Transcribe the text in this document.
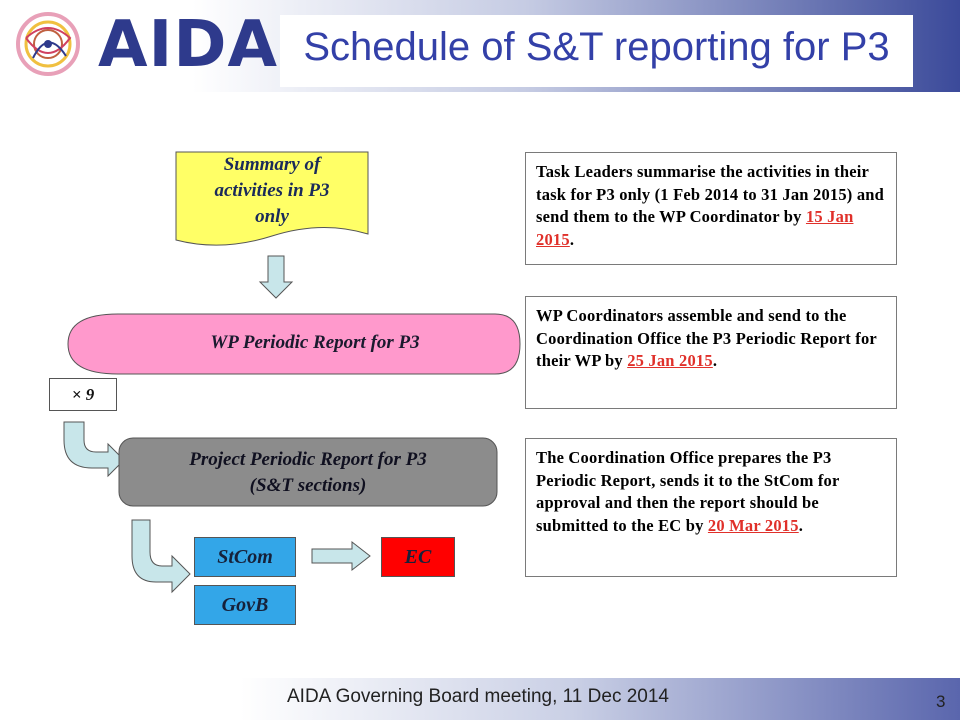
AIDA Schedule of S&T reporting for P3
Summary of
activities in P3
only
WP Periodic Report for P3
× 9
Project Periodic Report for P3
(S&T sections)
StCom
GovB
EC
Task Leaders summarise the activities in their task for P3 only (1 Feb 2014 to 31 Jan 2015) and send them to the WP Coordinator by 15 Jan 2015.
WP Coordinators assemble and send to the Coordination Office the P3 Periodic Report for their WP by 25 Jan 2015.
The Coordination Office prepares the P3 Periodic Report, sends it to the StCom for approval and then the report should be submitted to the EC by 20 Mar 2015.
AIDA Governing Board meeting, 11 Dec 2014	3
